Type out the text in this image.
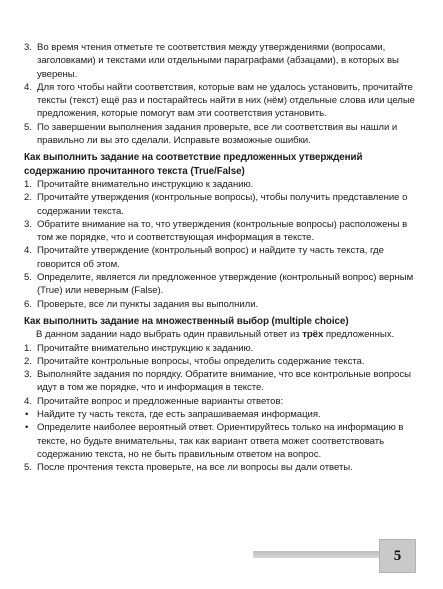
3. Во время чтения отметьте те соответствия между утверждениями (вопросами, заголовками) и текстами или отдельными параграфами (абзацами), в которых вы уверены.
4. Для того чтобы найти соответствия, которые вам не удалось установить, прочитайте тексты (текст) ещё раз и постарайтесь найти в них (нём) отдельные слова или целые предложения, которые помогут вам эти соответствия установить.
5. По завершении выполнения задания проверьте, все ли соответствия вы нашли и правильно ли вы это сделали. Исправьте возможные ошибки.
Как выполнить задание на соответствие предложенных утверждений содержанию прочитанного текста (True/False)
1. Прочитайте внимательно инструкцию к заданию.
2. Прочитайте утверждения (контрольные вопросы), чтобы получить представление о содержании текста.
3. Обратите внимание на то, что утверждения (контрольные вопросы) расположены в том же порядке, что и соответствующая информация в тексте.
4. Прочитайте утверждение (контрольный вопрос) и найдите ту часть текста, где говорится об этом.
5. Определите, является ли предложенное утверждение (контрольный вопрос) верным (True) или неверным (False).
6. Проверьте, все ли пункты задания вы выполнили.
Как выполнить задание на множественный выбор (multiple choice)
В данном задании надо выбрать один правильный ответ из трёх предложенных.
1. Прочитайте внимательно инструкцию к заданию.
2. Прочитайте контрольные вопросы, чтобы определить содержание текста.
3. Выполняйте задания по порядку. Обратите внимание, что все контрольные вопросы идут в том же порядке, что и информация в тексте.
4. Прочитайте вопрос и предложенные варианты ответов:
• Найдите ту часть текста, где есть запрашиваемая информация.
• Определите наиболее вероятный ответ. Ориентируйтесь только на информацию в тексте, но будьте внимательны, так как вариант ответа может соответствовать содержанию текста, но не быть правильным ответом на вопрос.
5. После прочтения текста проверьте, на все ли вопросы вы дали ответы.
5
